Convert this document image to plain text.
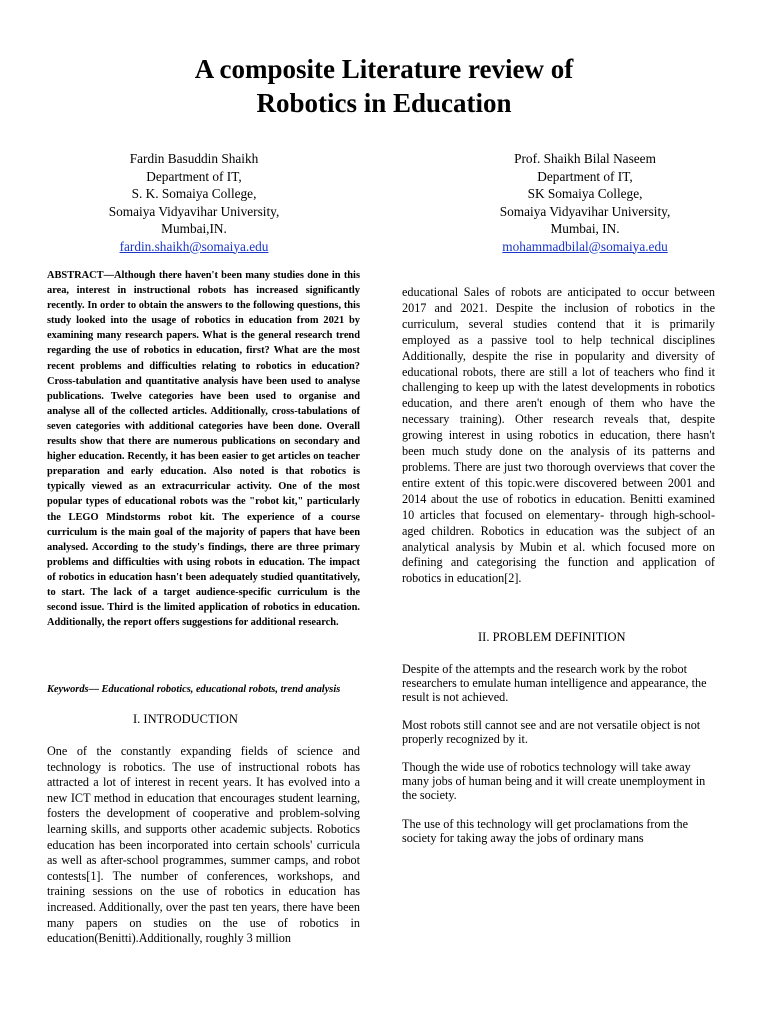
A composite Literature review of
Robotics in Education
Fardin Basuddin Shaikh
Department of IT,
S. K. Somaiya College,
Somaiya Vidyavihar University,
Mumbai,IN.
fardin.shaikh@somaiya.edu
Prof. Shaikh Bilal Naseem
Department of IT,
SK Somaiya College,
Somaiya Vidyavihar University,
Mumbai, IN.
mohammadbilal@somaiya.edu
ABSTRACT—Although there haven't been many studies done in this area, interest in instructional robots has increased significantly recently. In order to obtain the answers to the following questions, this study looked into the usage of robotics in education from 2021 by examining many research papers. What is the general research trend regarding the use of robotics in education, first? What are the most recent problems and difficulties relating to robotics in education? Cross-tabulation and quantitative analysis have been used to analyse publications. Twelve categories have been used to organise and analyse all of the collected articles. Additionally, cross-tabulations of seven categories with additional categories have been done. Overall results show that there are numerous publications on secondary and higher education. Recently, it has been easier to get articles on teacher preparation and early education. Also noted is that robotics is typically viewed as an extracurricular activity. One of the most popular types of educational robots was the "robot kit," particularly the LEGO Mindstorms robot kit. The experience of a course curriculum is the main goal of the majority of papers that have been analysed. According to the study's findings, there are three primary problems and difficulties with using robots in education. The impact of robotics in education hasn't been adequately studied quantitatively, to start. The lack of a target audience-specific curriculum is the second issue. Third is the limited application of robotics in education. Additionally, the report offers suggestions for additional research.
Keywords— Educational robotics, educational robots, trend analysis
I. INTRODUCTION
One of the constantly expanding fields of science and technology is robotics. The use of instructional robots has attracted a lot of interest in recent years. It has evolved into a new ICT method in education that encourages student learning, fosters the development of cooperative and problem-solving learning skills, and supports other academic subjects. Robotics education has been incorporated into certain schools' curricula as well as after-school programmes, summer camps, and robot contests[1]. The number of conferences, workshops, and training sessions on the use of robotics in education has increased. Additionally, over the past ten years, there have been many papers on studies on the use of robotics in education(Benitti).Additionally, roughly 3 million
educational Sales of robots are anticipated to occur between 2017 and 2021. Despite the inclusion of robotics in the curriculum, several studies contend that it is primarily employed as a passive tool to help technical disciplines Additionally, despite the rise in popularity and diversity of educational robots, there are still a lot of teachers who find it challenging to keep up with the latest developments in robotics education, and there aren't enough of them who have the necessary training). Other research reveals that, despite growing interest in using robotics in education, there hasn't been much study done on the analysis of its patterns and problems. There are just two thorough overviews that cover the entire extent of this topic.were discovered between 2001 and 2014 about the use of robotics in education. Benitti examined 10 articles that focused on elementary- through high-school-aged children. Robotics in education was the subject of an analytical analysis by Mubin et al. which focused more on defining and categorising the function and application of robotics in education[2].
II. PROBLEM DEFINITION
Despite of the attempts and the research work by the robot researchers to emulate human intelligence and appearance, the result is not achieved.
Most robots still cannot see and are not versatile object is not properly recognized by it.
Though the wide use of robotics technology will take away many jobs of human being and it will create unemployment in the society.
The use of this technology will get proclamations from the society for taking away the jobs of ordinary mans
